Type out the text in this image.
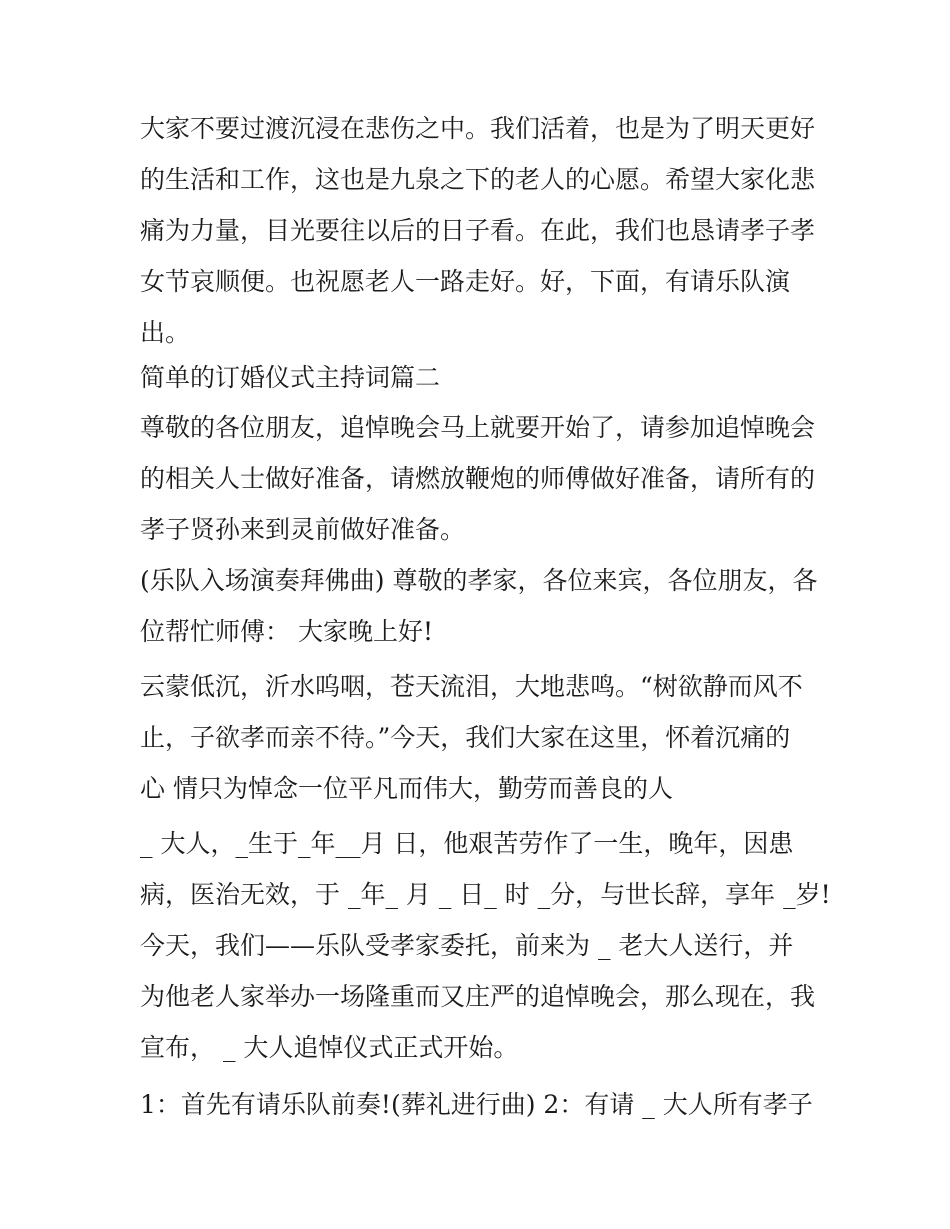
大家不要过渡沉浸在悲伤之中。我们活着，也是为了明天更好

的生活和工作，这也是九泉之下的老人的心愿。希望大家化悲

痛为力量，目光要往以后的日子看。在此，我们也恳请孝子孝

女节哀顺便。也祝愿老人一路走好。好，下面，有请乐队演

出。

简单的订婚仪式主持词篇二

尊敬的各位朋友，追悼晚会马上就要开始了，请参加追悼晚会

的相关人士做好准备，请燃放鞭炮的师傅做好准备，请所有的

孝子贤孙来到灵前做好准备。

(乐队入场演奏拜佛曲) 尊敬的孝家，各位来宾，各位朋友，各

位帮忙师傅： 大家晚上好!

云蒙低沉，沂水呜咽，苍天流泪，大地悲鸣。“树欲静而风不

止，子欲孝而亲不待。”今天，我们大家在这里，怀着沉痛的

心 情只为悼念一位平凡而伟大，勤劳而善良的人

_ 大人，_生于_年__月 日，他艰苦劳作了一生，晚年，因患

病，医治无效，于 _年_ 月 _ 日_ 时 _分，与世长辞，享年 _岁!

今天，我们——乐队受孝家委托，前来为 _ 老大人送行，并

为他老人家举办一场隆重而又庄严的追悼晚会，那么现在，我

宣布， _ 大人追悼仪式正式开始。

1：首先有请乐队前奏!(葬礼进行曲) 2：有请 _ 大人所有孝子
